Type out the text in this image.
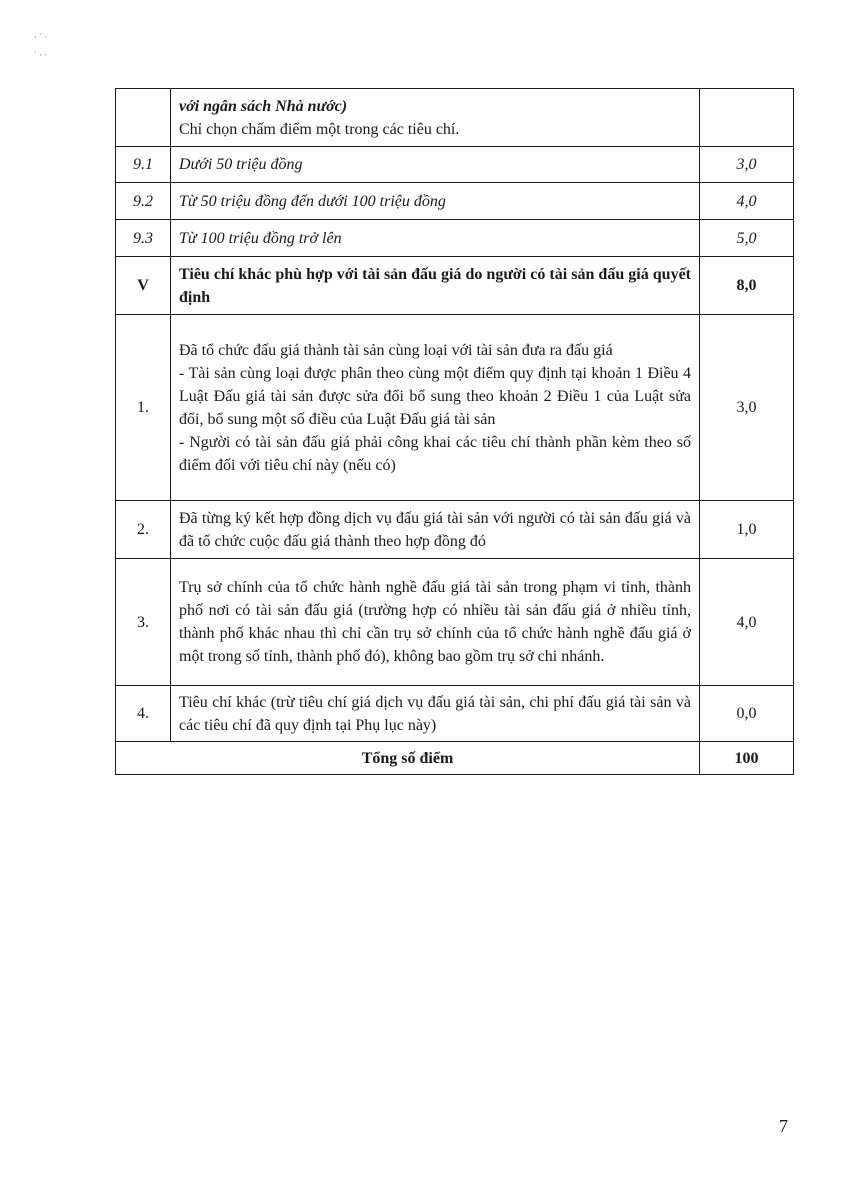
· ˙ ·
˙ · ᐧ

	với ngân sách Nhà nước)
Chỉ chọn chấm điểm một trong các tiêu chí.	

9.1	Dưới 50 triệu đồng	3,0
9.2	Từ 50 triệu đồng đến dưới 100 triệu đồng	4,0
9.3	Từ 100 triệu đồng trở lên	5,0
V	Tiêu chí khác phù hợp với tài sản đấu giá do người có tài sản đấu giá quyết định	8,0
1.	Đã tổ chức đấu giá thành tài sản cùng loại với tài sản đưa ra đấu giá
- Tài sản cùng loại được phân theo cùng một điểm quy định tại khoản 1 Điều 4 Luật Đấu giá tài sản được sửa đổi bổ sung theo khoản 2 Điều 1 của Luật sửa đổi, bổ sung một số điều của Luật Đấu giá tài sản
- Người có tài sản đấu giá phải công khai các tiêu chí thành phần kèm theo số điểm đối với tiêu chí này (nếu có)	3,0
2.	Đã từng ký kết hợp đồng dịch vụ đấu giá tài sản với người có tài sản đấu giá và đã tổ chức cuộc đấu giá thành theo hợp đồng đó	1,0
3.	Trụ sở chính của tổ chức hành nghề đấu giá tài sản trong phạm vi tỉnh, thành phố nơi có tài sản đấu giá (trường hợp có nhiều tài sản đấu giá ở nhiều tỉnh, thành phố khác nhau thì chỉ cần trụ sở chính của tổ chức hành nghề đấu giá ở một trong số tỉnh, thành phố đó), không bao gồm trụ sở chi nhánh.	4,0
4.	Tiêu chí khác (trừ tiêu chí giá dịch vụ đấu giá tài sản, chi phí đấu giá tài sản và các tiêu chí đã quy định tại Phụ lục này)	0,0
Tổng số điểm		100
7
